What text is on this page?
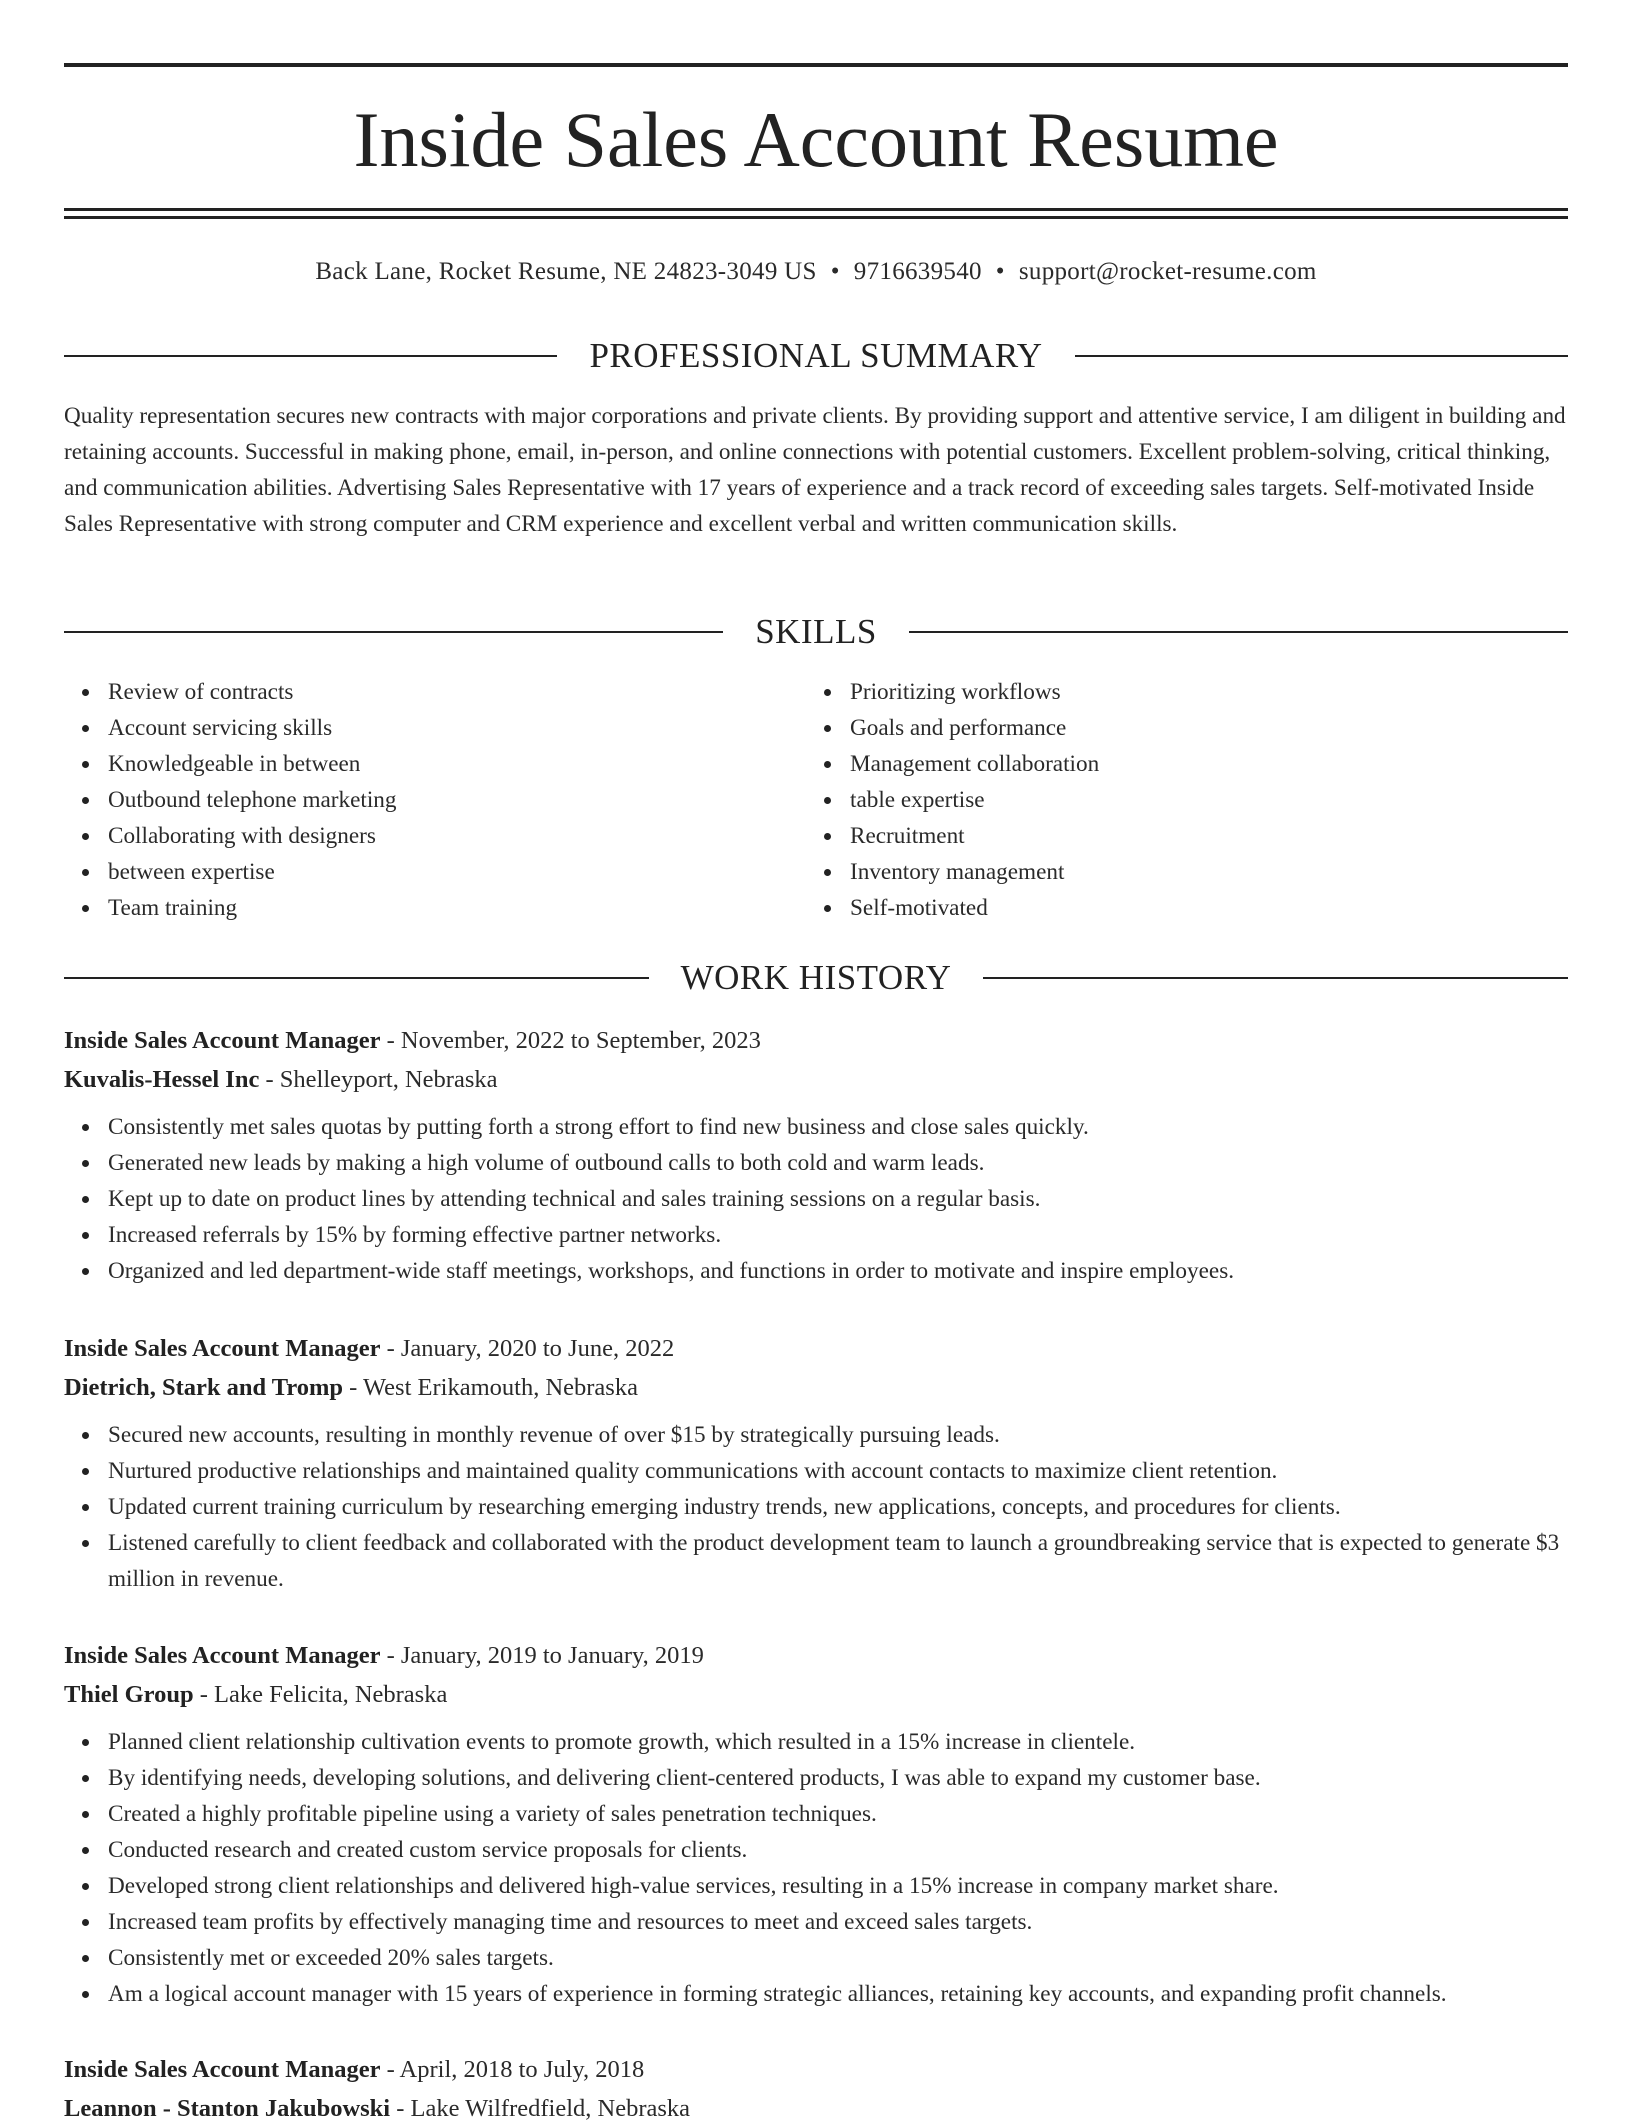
Inside Sales Account Resume
Back Lane, Rocket Resume, NE 24823-3049 US • 9716639540 • support@rocket-resume.com
PROFESSIONAL SUMMARY

Quality representation secures new contracts with major corporations and private clients. By providing support and attentive service, I am diligent in building and retaining accounts. Successful in making phone, email, in-person, and online connections with potential customers. Excellent problem-solving, critical thinking, and communication abilities. Advertising Sales Representative with 17 years of experience and a track record of exceeding sales targets. Self-motivated Inside Sales Representative with strong computer and CRM experience and excellent verbal and written communication skills.

SKILLS
Review of contracts
Account servicing skills
Knowledgeable in between
Outbound telephone marketing
Collaborating with designers
between expertise
Team training
Prioritizing workflows
Goals and performance
Management collaboration
table expertise
Recruitment
Inventory management
Self-motivated
WORK HISTORY
Inside Sales Account Manager - November, 2022 to September, 2023
Kuvalis-Hessel Inc - Shelleyport, Nebraska
Consistently met sales quotas by putting forth a strong effort to find new business and close sales quickly.
Generated new leads by making a high volume of outbound calls to both cold and warm leads.
Kept up to date on product lines by attending technical and sales training sessions on a regular basis.
Increased referrals by 15% by forming effective partner networks.
Organized and led department-wide staff meetings, workshops, and functions in order to motivate and inspire employees.
Inside Sales Account Manager - January, 2020 to June, 2022
Dietrich, Stark and Tromp - West Erikamouth, Nebraska
Secured new accounts, resulting in monthly revenue of over $15 by strategically pursuing leads.
Nurtured productive relationships and maintained quality communications with account contacts to maximize client retention.
Updated current training curriculum by researching emerging industry trends, new applications, concepts, and procedures for clients.
Listened carefully to client feedback and collaborated with the product development team to launch a groundbreaking service that is expected to generate $3 million in revenue.
Inside Sales Account Manager - January, 2019 to January, 2019
Thiel Group - Lake Felicita, Nebraska
Planned client relationship cultivation events to promote growth, which resulted in a 15% increase in clientele.
By identifying needs, developing solutions, and delivering client-centered products, I was able to expand my customer base.
Created a highly profitable pipeline using a variety of sales penetration techniques.
Conducted research and created custom service proposals for clients.
Developed strong client relationships and delivered high-value services, resulting in a 15% increase in company market share.
Increased team profits by effectively managing time and resources to meet and exceed sales targets.
Consistently met or exceeded 20% sales targets.
Am a logical account manager with 15 years of experience in forming strategic alliances, retaining key accounts, and expanding profit channels.
Inside Sales Account Manager - April, 2018 to July, 2018
Leannon - Stanton Jakubowski - Lake Wilfredfield, Nebraska
